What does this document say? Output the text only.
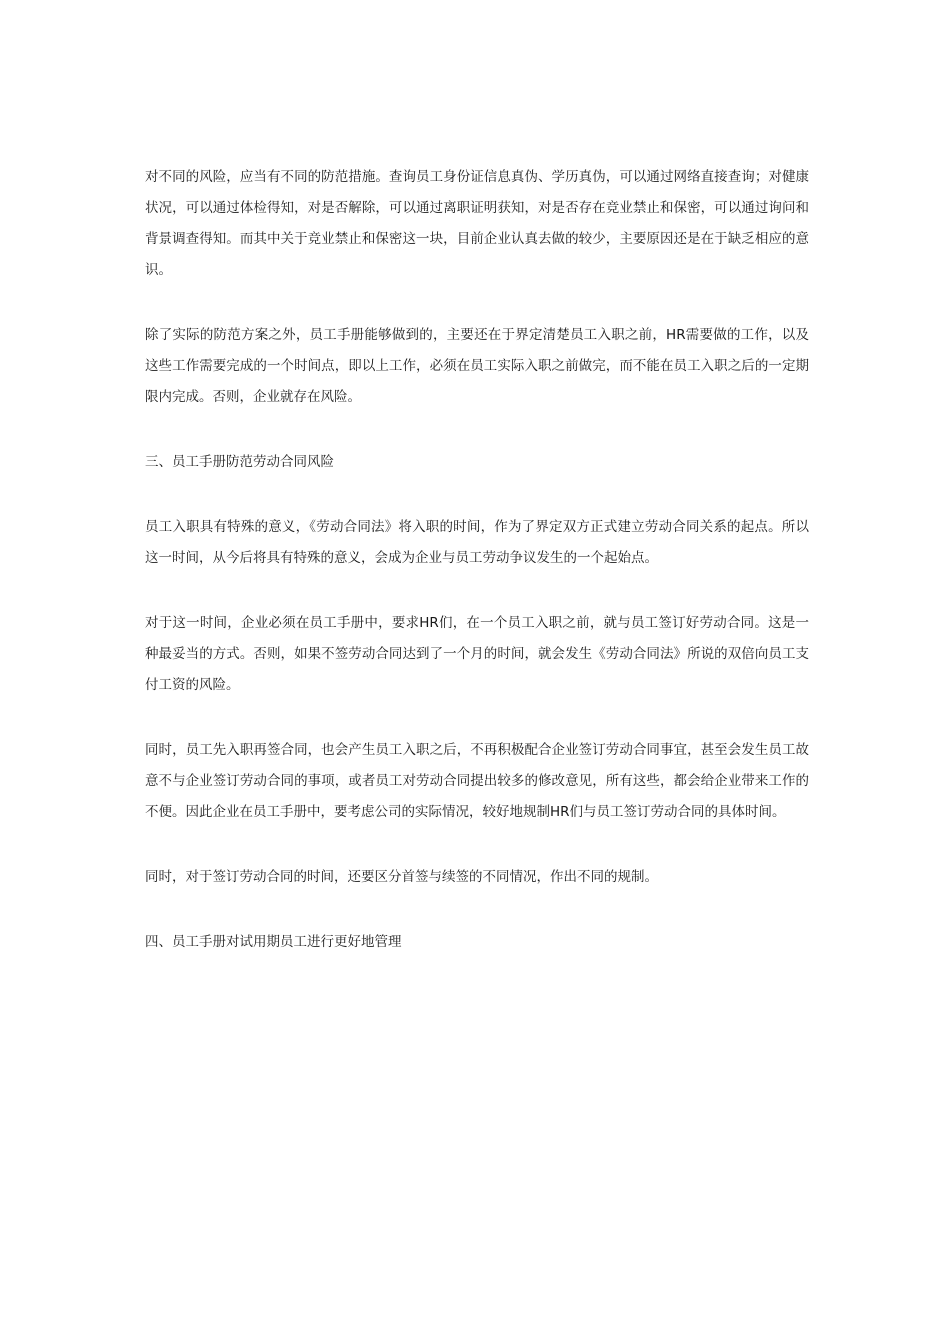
对不同的风险，应当有不同的防范措施。查询员工身份证信息真伪、学历真伪，可以通过网络直接查询；对健康状况，可以通过体检得知，对是否解除，可以通过离职证明获知，对是否存在竞业禁止和保密，可以通过询问和背景调查得知。而其中关于竞业禁止和保密这一块，目前企业认真去做的较少，主要原因还是在于缺乏相应的意识。

除了实际的防范方案之外，员工手册能够做到的，主要还在于界定清楚员工入职之前，HR需要做的工作，以及这些工作需要完成的一个时间点，即以上工作，必须在员工实际入职之前做完，而不能在员工入职之后的一定期限内完成。否则，企业就存在风险。

三、员工手册防范劳动合同风险

员工入职具有特殊的意义，《劳动合同法》将入职的时间，作为了界定双方正式建立劳动合同关系的起点。所以这一时间，从今后将具有特殊的意义，会成为企业与员工劳动争议发生的一个起始点。

对于这一时间，企业必须在员工手册中，要求HR们，在一个员工入职之前，就与员工签订好劳动合同。这是一种最妥当的方式。否则，如果不签劳动合同达到了一个月的时间，就会发生《劳动合同法》所说的双倍向员工支付工资的风险。

同时，员工先入职再签合同，也会产生员工入职之后，不再积极配合企业签订劳动合同事宜，甚至会发生员工故意不与企业签订劳动合同的事项，或者员工对劳动合同提出较多的修改意见，所有这些，都会给企业带来工作的不便。因此企业在员工手册中，要考虑公司的实际情况，较好地规制HR们与员工签订劳动合同的具体时间。

同时，对于签订劳动合同的时间，还要区分首签与续签的不同情况，作出不同的规制。

四、员工手册对试用期员工进行更好地管理
